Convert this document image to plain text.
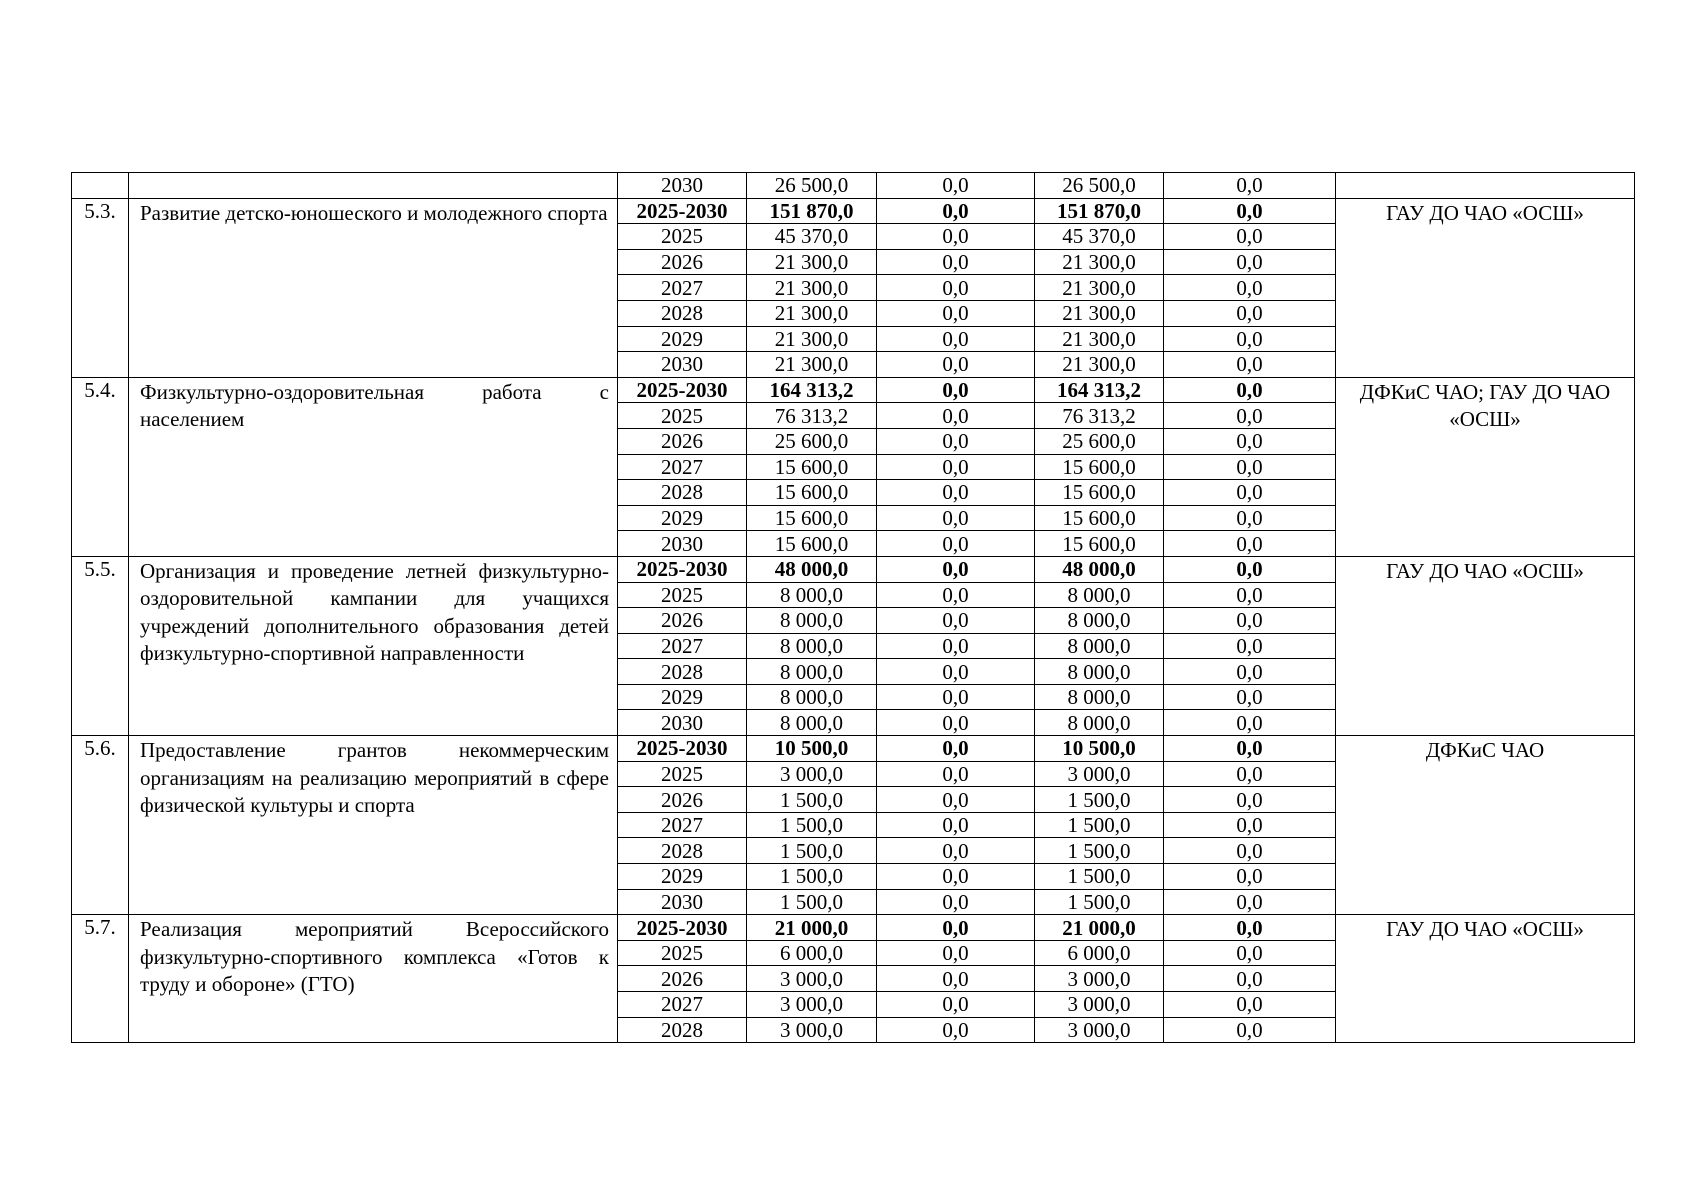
		2030	26 500,0	0,0	26 500,0	0,0	
5.3.	Развитие детско-юношеского и молодежного спорта	2025-2030	151 870,0	0,0	151 870,0	0,0	ГАУ ДО ЧАО «ОСШ»
		2025	45 370,0	0,0	45 370,0	0,0	
		2026	21 300,0	0,0	21 300,0	0,0	
		2027	21 300,0	0,0	21 300,0	0,0	
		2028	21 300,0	0,0	21 300,0	0,0	
		2029	21 300,0	0,0	21 300,0	0,0	
		2030	21 300,0	0,0	21 300,0	0,0	
5.4.	Физкультурно-оздоровительная работа с населением	2025-2030	164 313,2	0,0	164 313,2	0,0	ДФКиС ЧАО; ГАУ ДО ЧАО «ОСШ»
		2025	76 313,2	0,0	76 313,2	0,0	
		2026	25 600,0	0,0	25 600,0	0,0	
		2027	15 600,0	0,0	15 600,0	0,0	
		2028	15 600,0	0,0	15 600,0	0,0	
		2029	15 600,0	0,0	15 600,0	0,0	
		2030	15 600,0	0,0	15 600,0	0,0	
5.5.	Организация и проведение летней физкультурно-оздоровительной кампании для учащихся учреждений дополнительного образования детей физкультурно-спортивной направленности	2025-2030	48 000,0	0,0	48 000,0	0,0	ГАУ ДО ЧАО «ОСШ»
		2025	8 000,0	0,0	8 000,0	0,0	
		2026	8 000,0	0,0	8 000,0	0,0	
		2027	8 000,0	0,0	8 000,0	0,0	
		2028	8 000,0	0,0	8 000,0	0,0	
		2029	8 000,0	0,0	8 000,0	0,0	
		2030	8 000,0	0,0	8 000,0	0,0	
5.6.	Предоставление грантов некоммерческим организациям на реализацию мероприятий в сфере физической культуры и спорта	2025-2030	10 500,0	0,0	10 500,0	0,0	ДФКиС ЧАО
		2025	3 000,0	0,0	3 000,0	0,0	
		2026	1 500,0	0,0	1 500,0	0,0	
		2027	1 500,0	0,0	1 500,0	0,0	
		2028	1 500,0	0,0	1 500,0	0,0	
		2029	1 500,0	0,0	1 500,0	0,0	
		2030	1 500,0	0,0	1 500,0	0,0	
5.7.	Реализация мероприятий Всероссийского физкультурно-спортивного комплекса «Готов к труду и обороне» (ГТО)	2025-2030	21 000,0	0,0	21 000,0	0,0	ГАУ ДО ЧАО «ОСШ»
		2025	6 000,0	0,0	6 000,0	0,0	
		2026	3 000,0	0,0	3 000,0	0,0	
		2027	3 000,0	0,0	3 000,0	0,0	
		2028	3 000,0	0,0	3 000,0	0,0	
